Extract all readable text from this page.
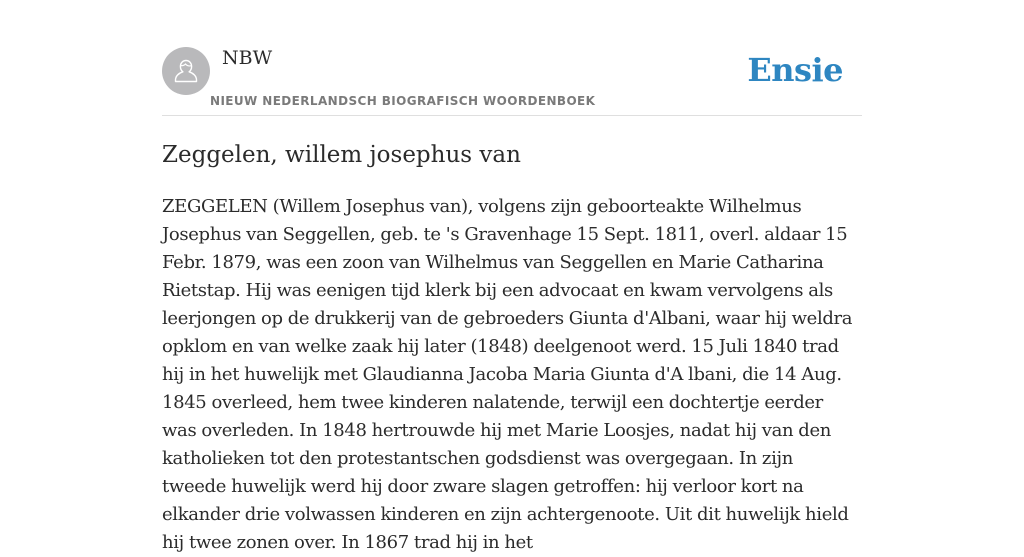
NBW
NIEUW NEDERLANDSCH BIOGRAFISCH WOORDENBOEK
Ensie
Zeggelen, willem josephus van

ZEGGELEN (Willem Josephus van), volgens zijn geboorteakte Wilhelmus Josephus van Seggellen, geb. te 's Gravenhage 15 Sept. 1811, overl. aldaar 15 Febr. 1879, was een zoon van Wilhelmus van Seggellen en Marie Catharina Rietstap. Hij was eenigen tijd klerk bij een advocaat en kwam vervolgens als leerjongen op de drukkerij van de gebroeders Giunta d'Albani, waar hij weldra opklom en van welke zaak hij later (1848) deelgenoot werd. 15 Juli 1840 trad hij in het huwelijk met Glaudianna Jacoba Maria Giunta d'A lbani, die 14 Aug. 1845 overleed, hem twee kinderen nalatende, terwijl een dochtertje eerder was overleden. In 1848 hertrouwde hij met Marie Loosjes, nadat hij van den katholieken tot den protestantschen godsdienst was overgegaan. In zijn tweede huwelijk werd hij door zware slagen getroffen: hij verloor kort na elkander drie volwassen kinderen en zijn achtergenoote. Uit dit huwelijk hield hij twee zonen over. In 1867 trad hij in het
